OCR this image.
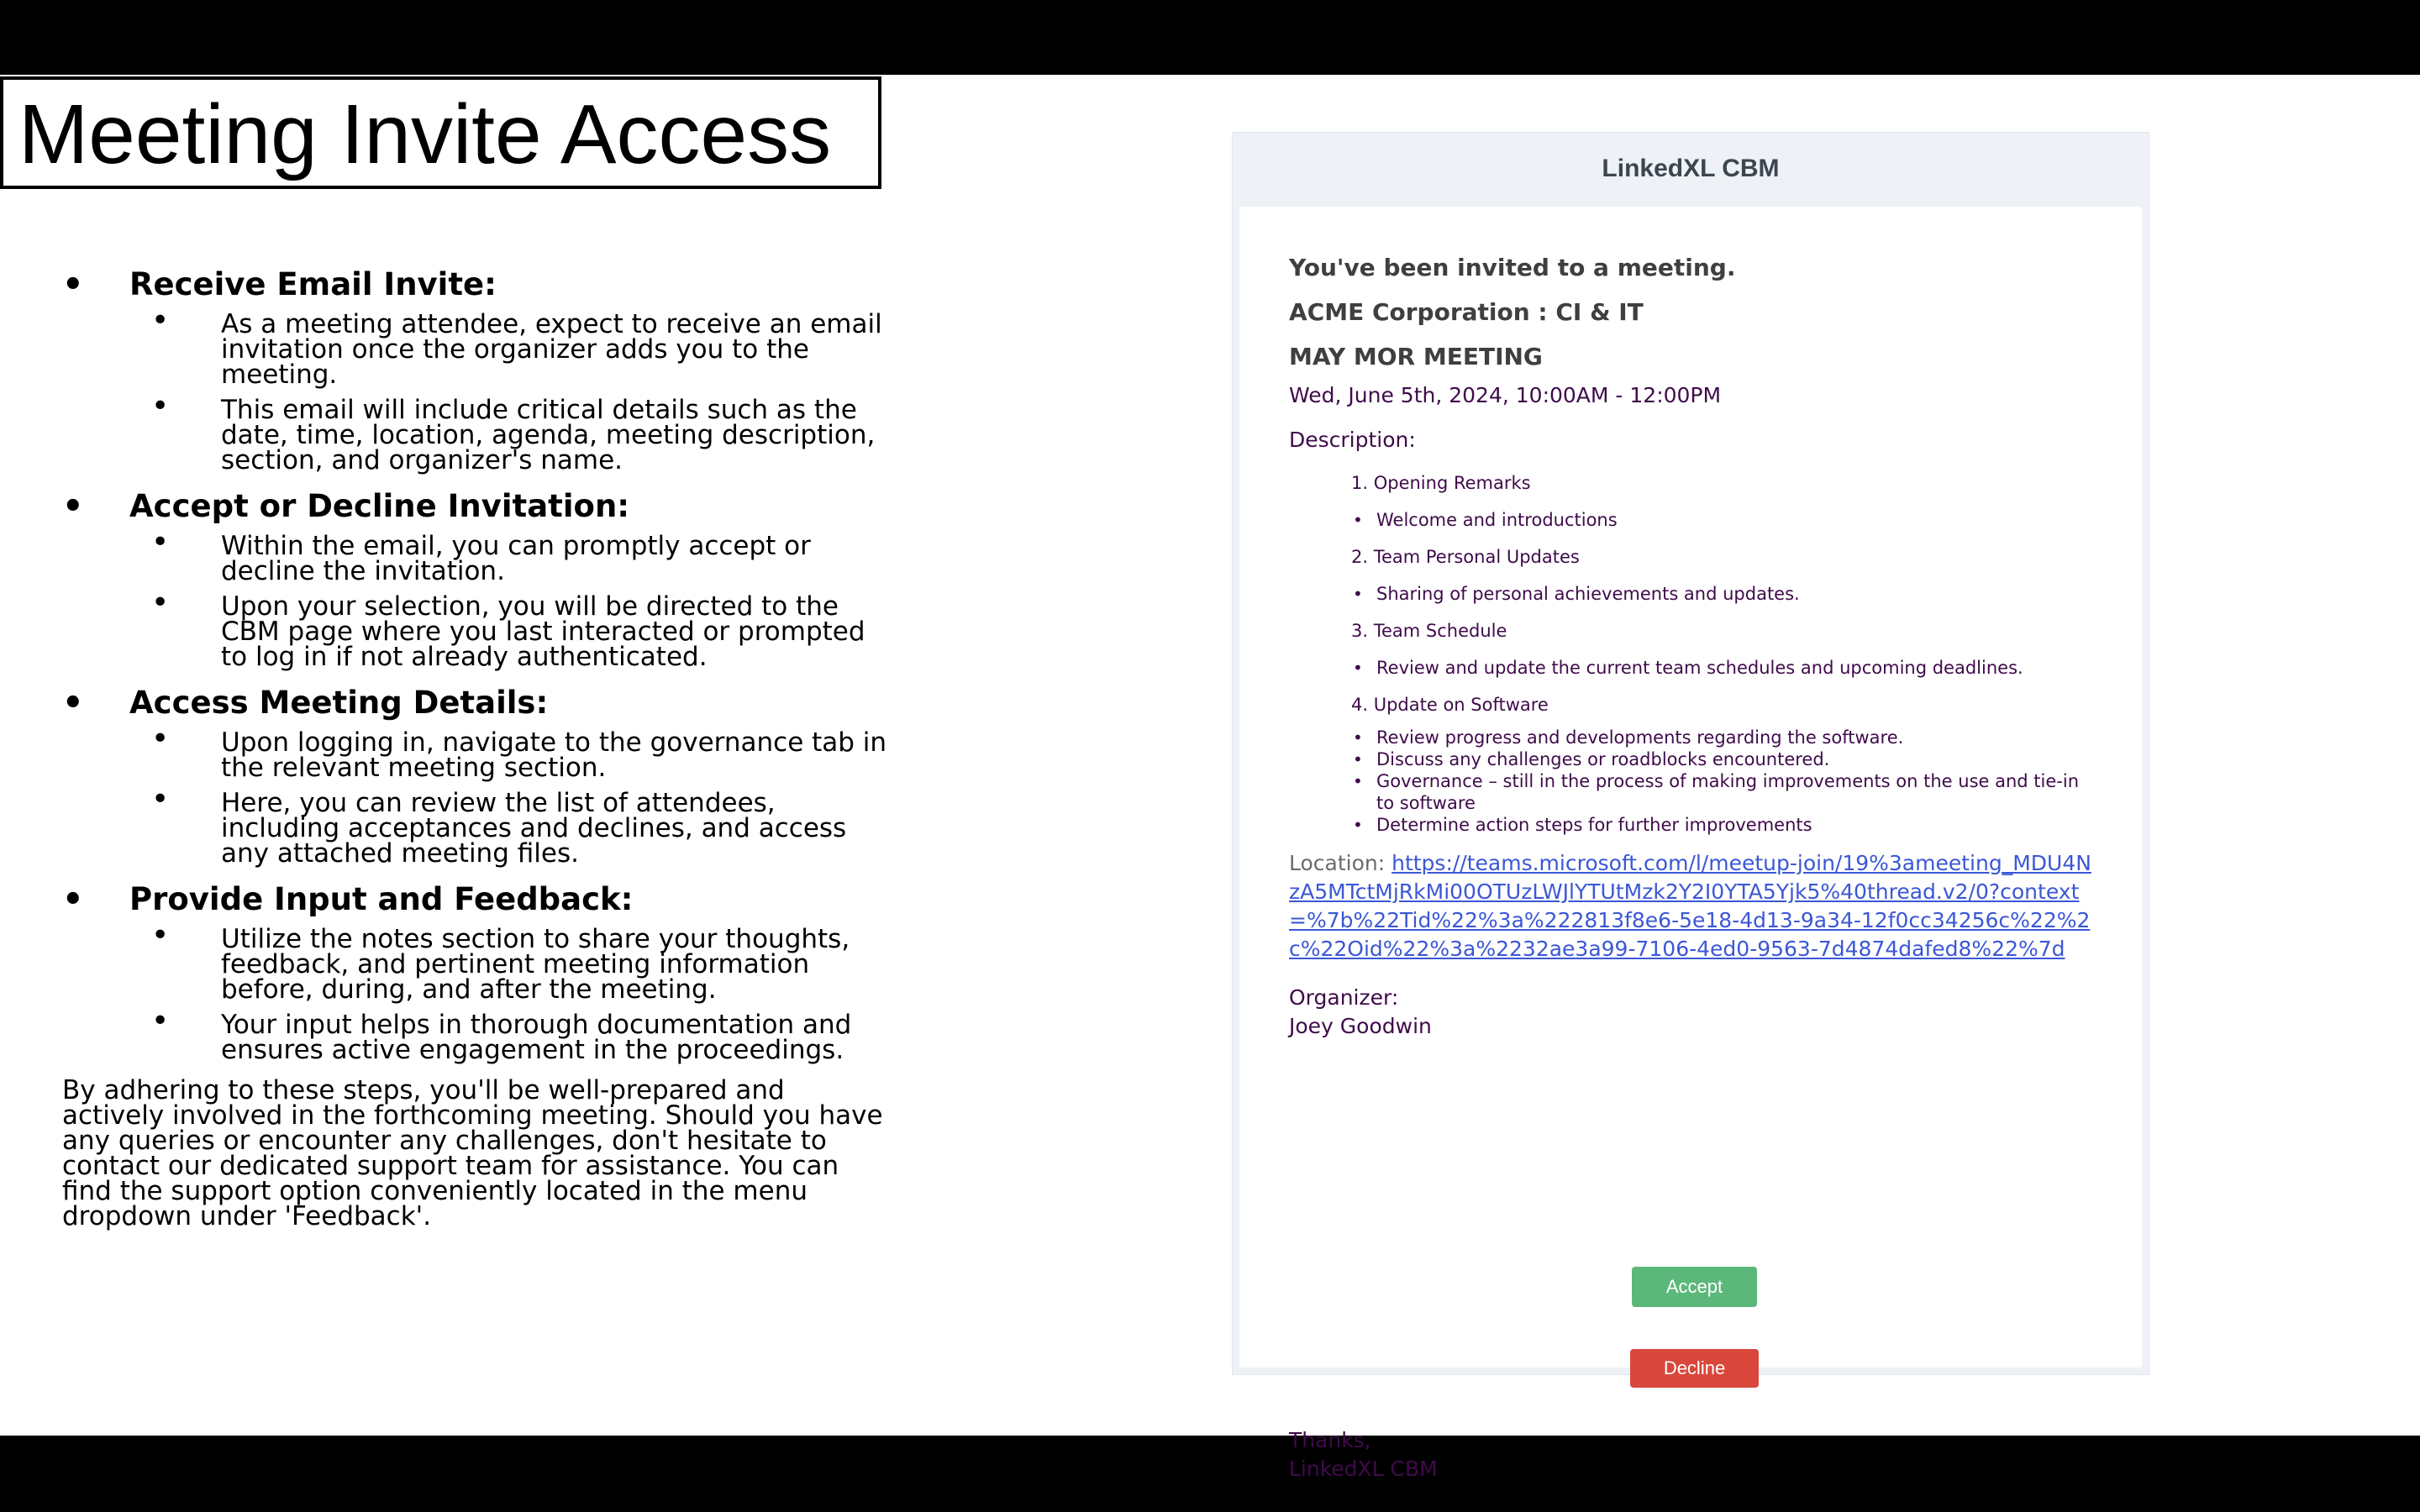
Meeting Invite Access
• Receive Email Invite:
• As a meeting attendee, expect to receive an email invitation once the organizer adds you to the meeting.
• This email will include critical details such as the date, time, location, agenda, meeting description, section, and organizer's name.
• Accept or Decline Invitation:
• Within the email, you can promptly accept or decline the invitation.
• Upon your selection, you will be directed to the CBM page where you last interacted or prompted to log in if not already authenticated.
• Access Meeting Details:
• Upon logging in, navigate to the governance tab in the relevant meeting section.
• Here, you can review the list of attendees, including acceptances and declines, and access any attached meeting files.
• Provide Input and Feedback:
• Utilize the notes section to share your thoughts, feedback, and pertinent meeting information before, during, and after the meeting.
• Your input helps in thorough documentation and ensures active engagement in the proceedings.
By adhering to these steps, you'll be well-prepared and actively involved in the forthcoming meeting. Should you have any queries or encounter any challenges, don't hesitate to contact our dedicated support team for assistance. You can find the support option conveniently located in the menu dropdown under 'Feedback'.
LinkedXL CBM
You've been invited to a meeting.
ACME Corporation : CI & IT
MAY MOR MEETING
Wed, June 5th, 2024, 10:00AM - 12:00PM
Description:
1. Opening Remarks
• Welcome and introductions
2. Team Personal Updates
• Sharing of personal achievements and updates.
3. Team Schedule
• Review and update the current team schedules and upcoming deadlines.
4. Update on Software
• Review progress and developments regarding the software.
• Discuss any challenges or roadblocks encountered.
• Governance – still in the process of making improvements on the use and tie-in to software
• Determine action steps for further improvements
Location: https://teams.microsoft.com/l/meetup-join/19%3ameeting_MDU4NzA5MTctMjRkMi00OTUzLWJlYTUtMzk2Y2I0YTA5Yjk5%40thread.v2/0?context=%7b%22Tid%22%3a%222813f8e6-5e18-4d13-9a34-12f0cc34256c%22%2c%22Oid%22%3a%2232ae3a99-7106-4ed0-9563-7d4874dafed8%22%7d
Organizer:
Joey Goodwin
Accept
Decline
Thanks,
LinkedXL CBM
